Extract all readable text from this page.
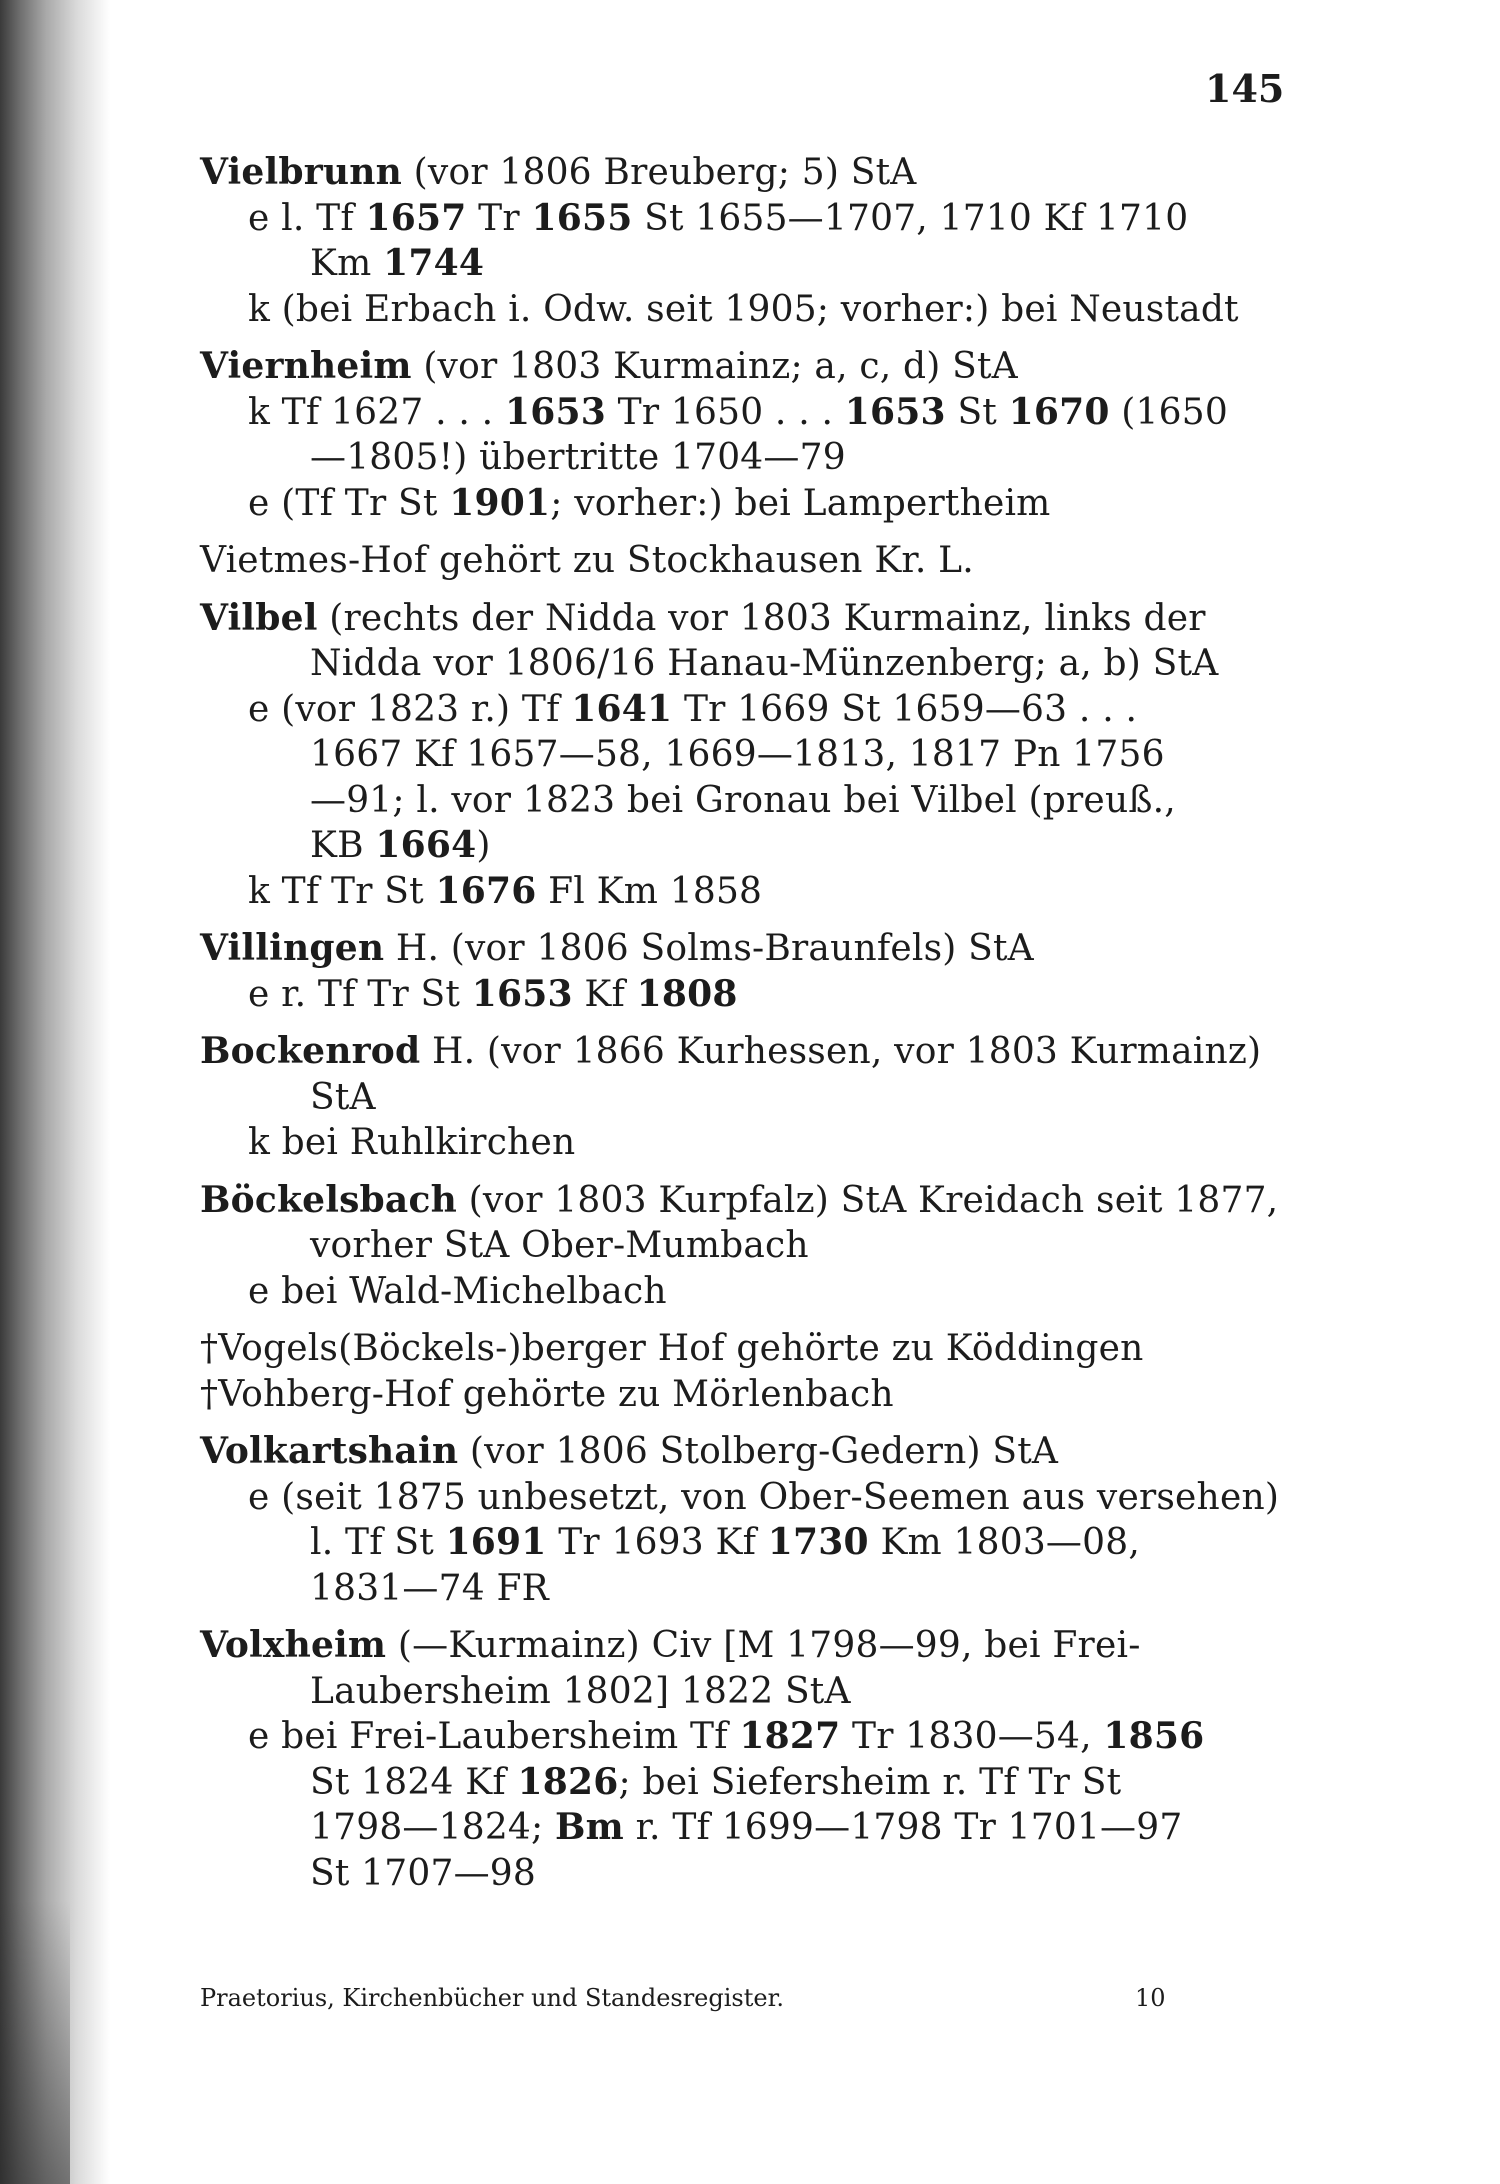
145
Vielbrunn (vor 1806 Breuberg; 5) StA
e l. Tf 1657 Tr 1655 St 1655—1707, 1710 Kf 1710
Km 1744
k (bei Erbach i. Odw. seit 1905; vorher:) bei Neustadt
Viernheim (vor 1803 Kurmainz; a, c, d) StA
k Tf 1627 . . . 1653 Tr 1650 . . . 1653 St 1670 (1650
—1805!) übertritte 1704—79
e (Tf Tr St 1901; vorher:) bei Lampertheim
Vietmes-Hof gehört zu Stockhausen Kr. L.
Vilbel (rechts der Nidda vor 1803 Kurmainz, links der
Nidda vor 1806/16 Hanau-Münzenberg; a, b) StA
e (vor 1823 r.) Tf 1641 Tr 1669 St 1659—63 . . .
1667 Kf 1657—58, 1669—1813, 1817 Pn 1756
—91; l. vor 1823 bei Gronau bei Vilbel (preuß.,
KB 1664)
k Tf Tr St 1676 Fl Km 1858
Villingen H. (vor 1806 Solms-Braunfels) StA
e r. Tf Tr St 1653 Kf 1808
Bockenrod H. (vor 1866 Kurhessen, vor 1803 Kurmainz)
StA
k bei Ruhlkirchen
Böckelsbach (vor 1803 Kurpfalz) StA Kreidach seit 1877,
vorher StA Ober-Mumbach
e bei Wald-Michelbach
†Vogels(Böckels-)berger Hof gehörte zu Köddingen
†Vohberg-Hof gehörte zu Mörlenbach
Volkartshain (vor 1806 Stolberg-Gedern) StA
e (seit 1875 unbesetzt, von Ober-Seemen aus versehen)
l. Tf St 1691 Tr 1693 Kf 1730 Km 1803—08,
1831—74 FR
Volxheim (—Kurmainz) Civ [M 1798—99, bei Frei-
Laubersheim 1802] 1822 StA
e bei Frei-Laubersheim Tf 1827 Tr 1830—54, 1856
St 1824 Kf 1826; bei Siefersheim r. Tf Tr St
1798—1824; Bm r. Tf 1699—1798 Tr 1701—97
St 1707—98
Praetorius, Kirchenbücher und Standesregister.	10
